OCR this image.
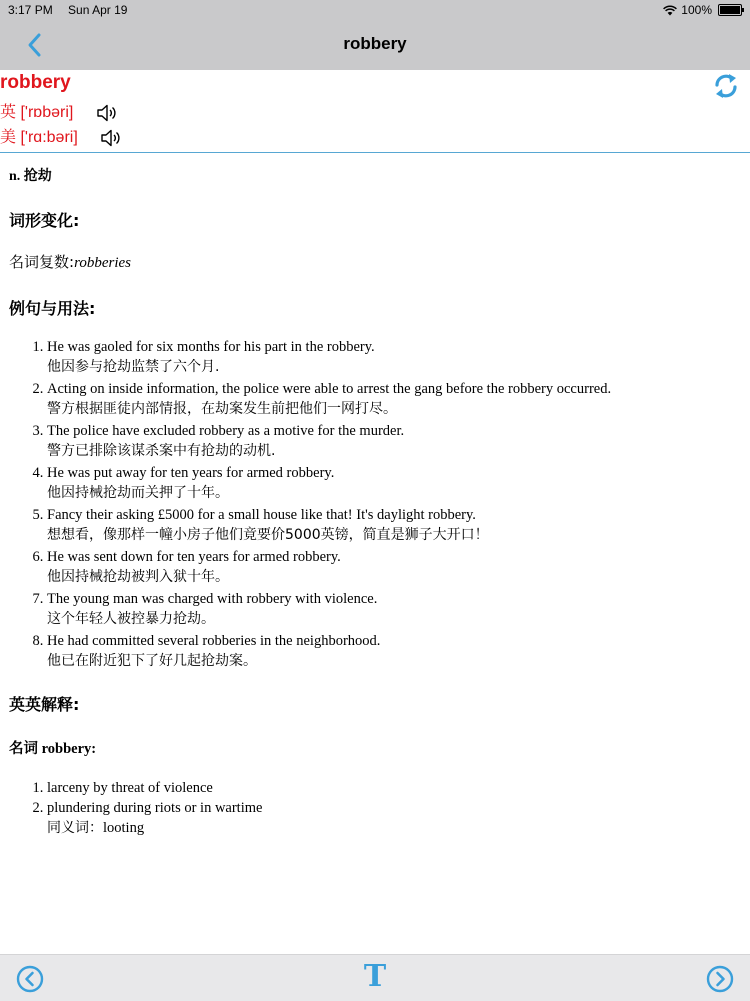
3:17 PM Sun Apr 19	100%
robbery
robbery
英 ['rɒbəri]
美 ['rɑ:bəri]
n. 抢劫
词形变化:
名词复数:robberies
例句与用法:
1. He was gaoled for six months for his part in the robbery.
他因参与抢劫监禁了六个月.
2. Acting on inside information, the police were able to arrest the gang before the robbery occurred.
警方根据匪徒内部情报，在劫案发生前把他们一网打尽。
3. The police have excluded robbery as a motive for the murder.
警方已排除该谋杀案中有抢劫的动机.
4. He was put away for ten years for armed robbery.
他因持械抢劫而关押了十年。
5. Fancy their asking £5000 for a small house like that! It's daylight robbery.
想想看，像那样一幢小房子他们竟要价5000英镑，简直是狮子大开口！
6. He was sent down for ten years for armed robbery.
他因持械抢劫被判入狱十年。
7. The young man was charged with robbery with violence.
这个年轻人被控暴力抢劫。
8. He had committed several robberies in the neighborhood.
他已在附近犯下了好几起抢劫案。
英英解释:
名词 robbery:
1. larceny by threat of violence
2. plundering during riots or in wartime
同义词：looting
T
